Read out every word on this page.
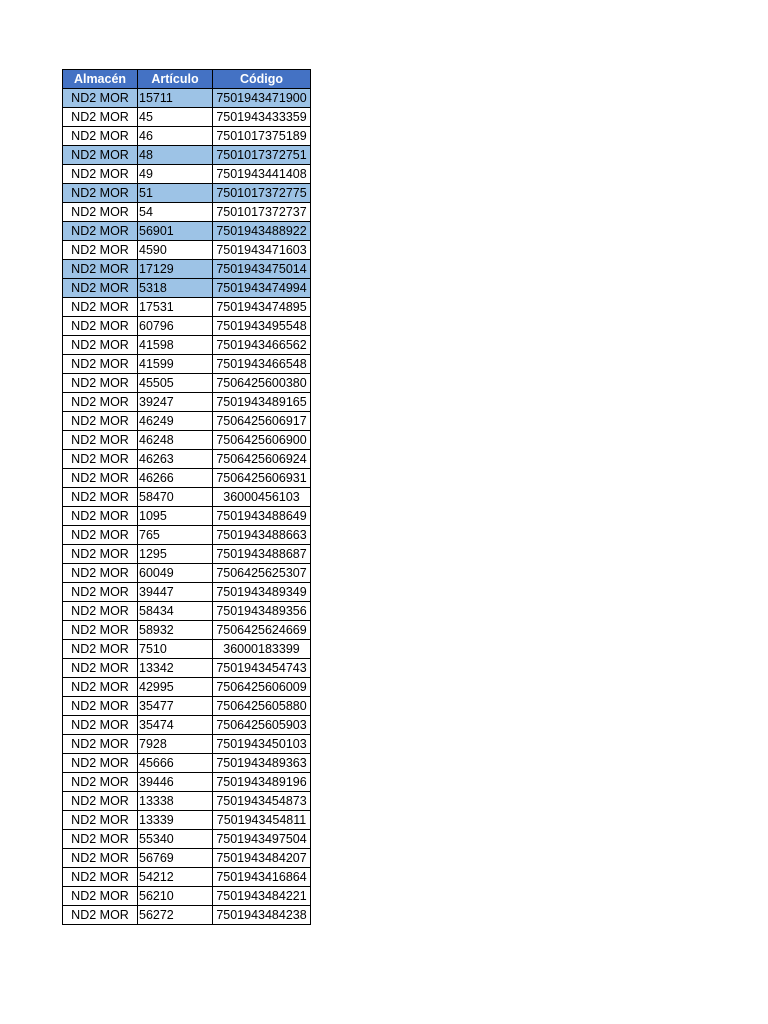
Almacén	Artículo	Código
ND2 MOR	15711	7501943471900
ND2 MOR	45	7501943433359
ND2 MOR	46	7501017375189
ND2 MOR	48	7501017372751
ND2 MOR	49	7501943441408
ND2 MOR	51	7501017372775
ND2 MOR	54	7501017372737
ND2 MOR	56901	7501943488922
ND2 MOR	4590	7501943471603
ND2 MOR	17129	7501943475014
ND2 MOR	5318	7501943474994
ND2 MOR	17531	7501943474895
ND2 MOR	60796	7501943495548
ND2 MOR	41598	7501943466562
ND2 MOR	41599	7501943466548
ND2 MOR	45505	7506425600380
ND2 MOR	39247	7501943489165
ND2 MOR	46249	7506425606917
ND2 MOR	46248	7506425606900
ND2 MOR	46263	7506425606924
ND2 MOR	46266	7506425606931
ND2 MOR	58470	36000456103
ND2 MOR	1095	7501943488649
ND2 MOR	765	7501943488663
ND2 MOR	1295	7501943488687
ND2 MOR	60049	7506425625307
ND2 MOR	39447	7501943489349
ND2 MOR	58434	7501943489356
ND2 MOR	58932	7506425624669
ND2 MOR	7510	36000183399
ND2 MOR	13342	7501943454743
ND2 MOR	42995	7506425606009
ND2 MOR	35477	7506425605880
ND2 MOR	35474	7506425605903
ND2 MOR	7928	7501943450103
ND2 MOR	45666	7501943489363
ND2 MOR	39446	7501943489196
ND2 MOR	13338	7501943454873
ND2 MOR	13339	7501943454811
ND2 MOR	55340	7501943497504
ND2 MOR	56769	7501943484207
ND2 MOR	54212	7501943416864
ND2 MOR	56210	7501943484221
ND2 MOR	56272	7501943484238
